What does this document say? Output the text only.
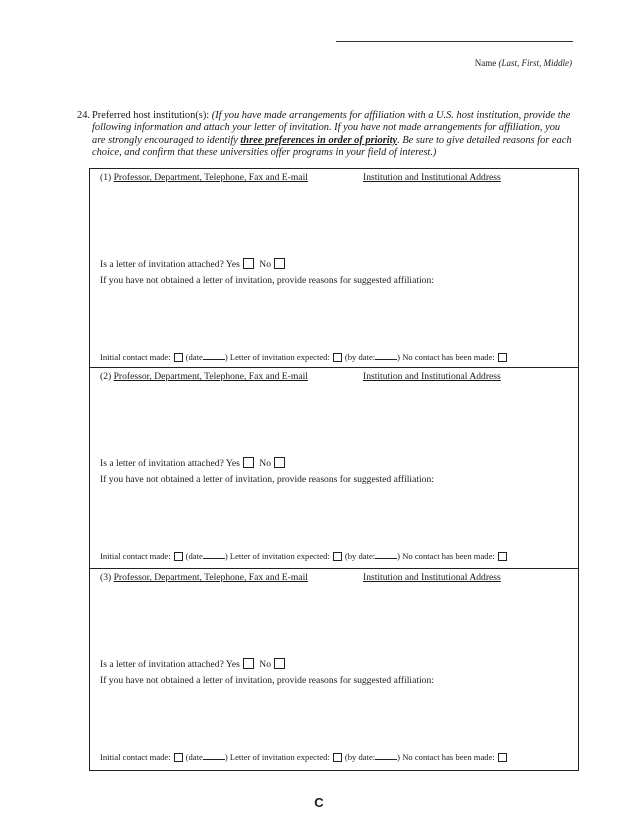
Name (Last, First, Middle)
24. Preferred host institution(s): (If you have made arrangements for affiliation with a U.S. host institution, provide the following information and attach your letter of invitation. If you have not made arrangements for affiliation, you are strongly encouraged to identify three preferences in order of priority. Be sure to give detailed reasons for each choice, and confirm that these universities offer programs in your field of interest.)
(1) Professor, Department, Telephone, Fax and E-mail	Institution and Institutional Address
Is a letter of invitation attached? Yes No
If you have not obtained a letter of invitation, provide reasons for suggested affiliation:
Initial contact made: (date	) Letter of invitation expected: (by date:	) No contact has been made:
(2) Professor, Department, Telephone, Fax and E-mail	Institution and Institutional Address
Is a letter of invitation attached? Yes No
If you have not obtained a letter of invitation, provide reasons for suggested affiliation:
Initial contact made: (date	) Letter of invitation expected: (by date:	) No contact has been made:
(3) Professor, Department, Telephone, Fax and E-mail	Institution and Institutional Address
Is a letter of invitation attached? Yes No
If you have not obtained a letter of invitation, provide reasons for suggested affiliation:
Initial contact made: (date	) Letter of invitation expected: (by date:	) No contact has been made:
C
